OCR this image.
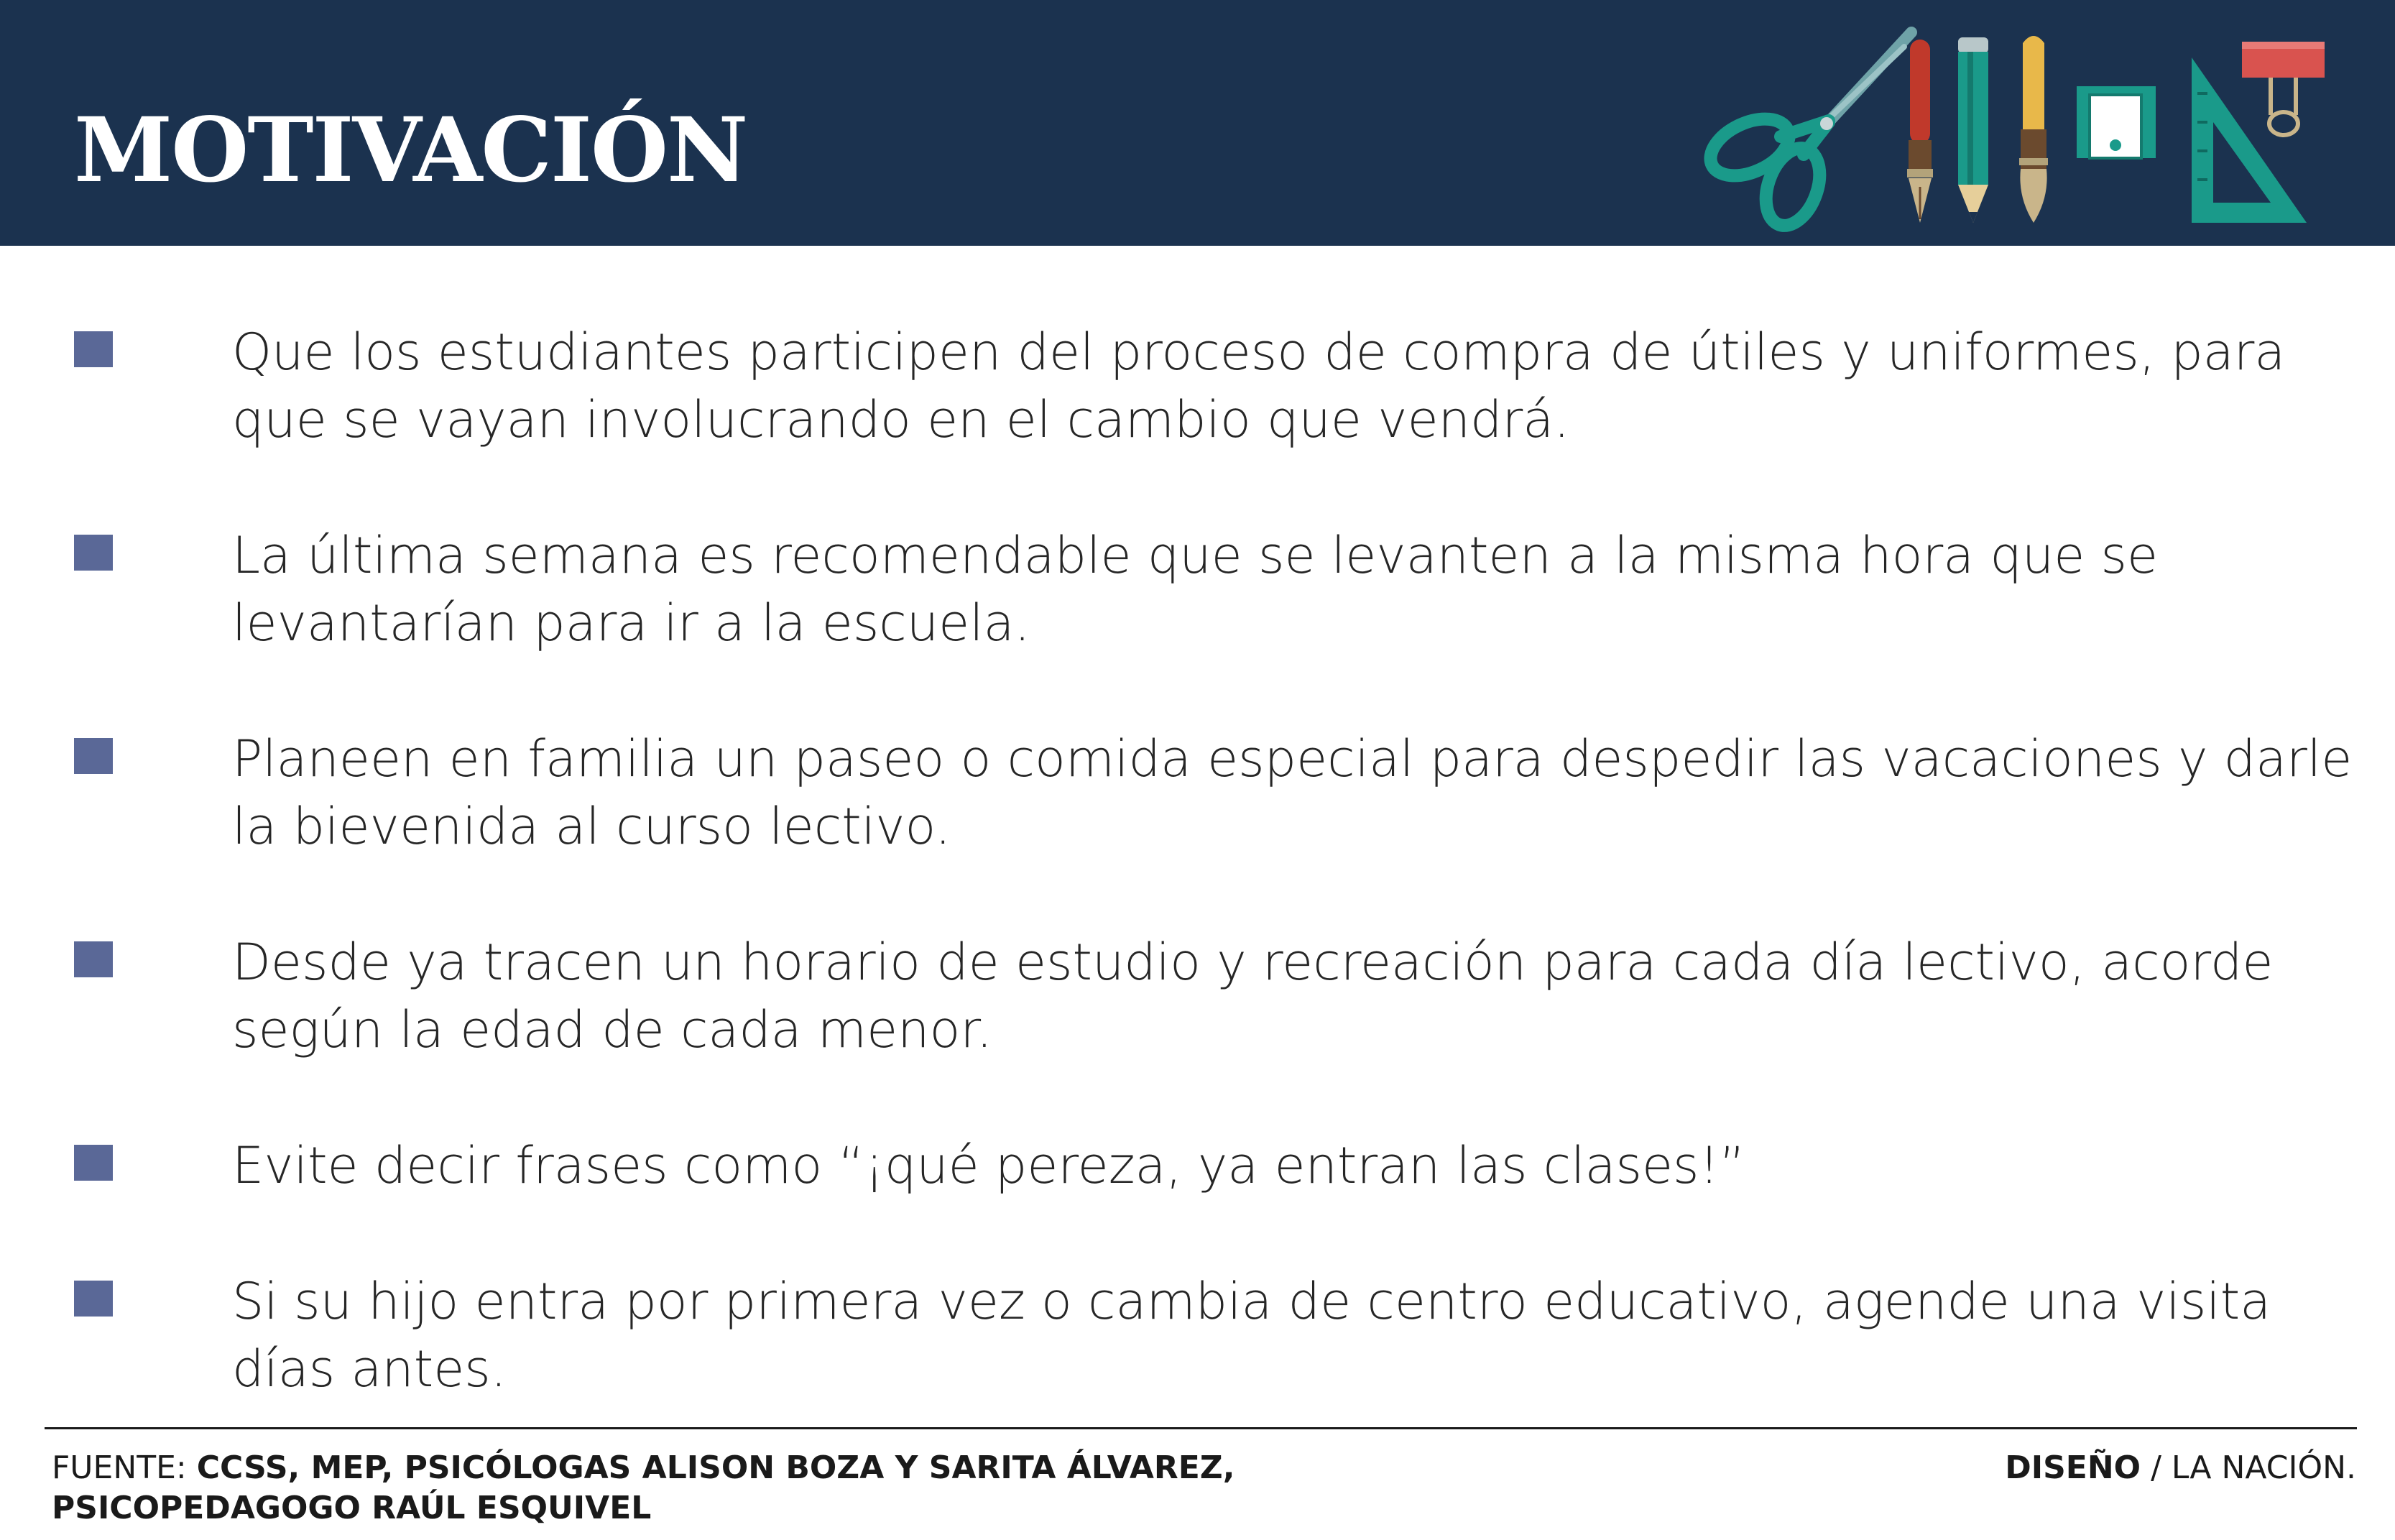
MOTIVACIÓN
Que los estudiantes participen del proceso de compra de útiles y uniformes, para que se vayan involucrando en el cambio que vendrá.
La última semana es recomendable que se levanten a la misma hora que se levantarían para ir a la escuela.
Planeen en familia un paseo o comida especial para despedir las vacaciones y darle la bievenida al curso lectivo.
Desde ya tracen un horario de estudio y recreación para cada día lectivo, acorde según la edad de cada menor.
Evite decir frases como “¡qué pereza, ya entran las clases!”
Si su hijo entra por primera vez o cambia de centro educativo, agende una visita días antes.
FUENTE: CCSS, MEP, PSICÓLOGAS ALISON BOZA Y SARITA ÁLVAREZ, PSICOPEDAGOGO RAÚL ESQUIVEL
DISEÑO / LA NACIÓN.
